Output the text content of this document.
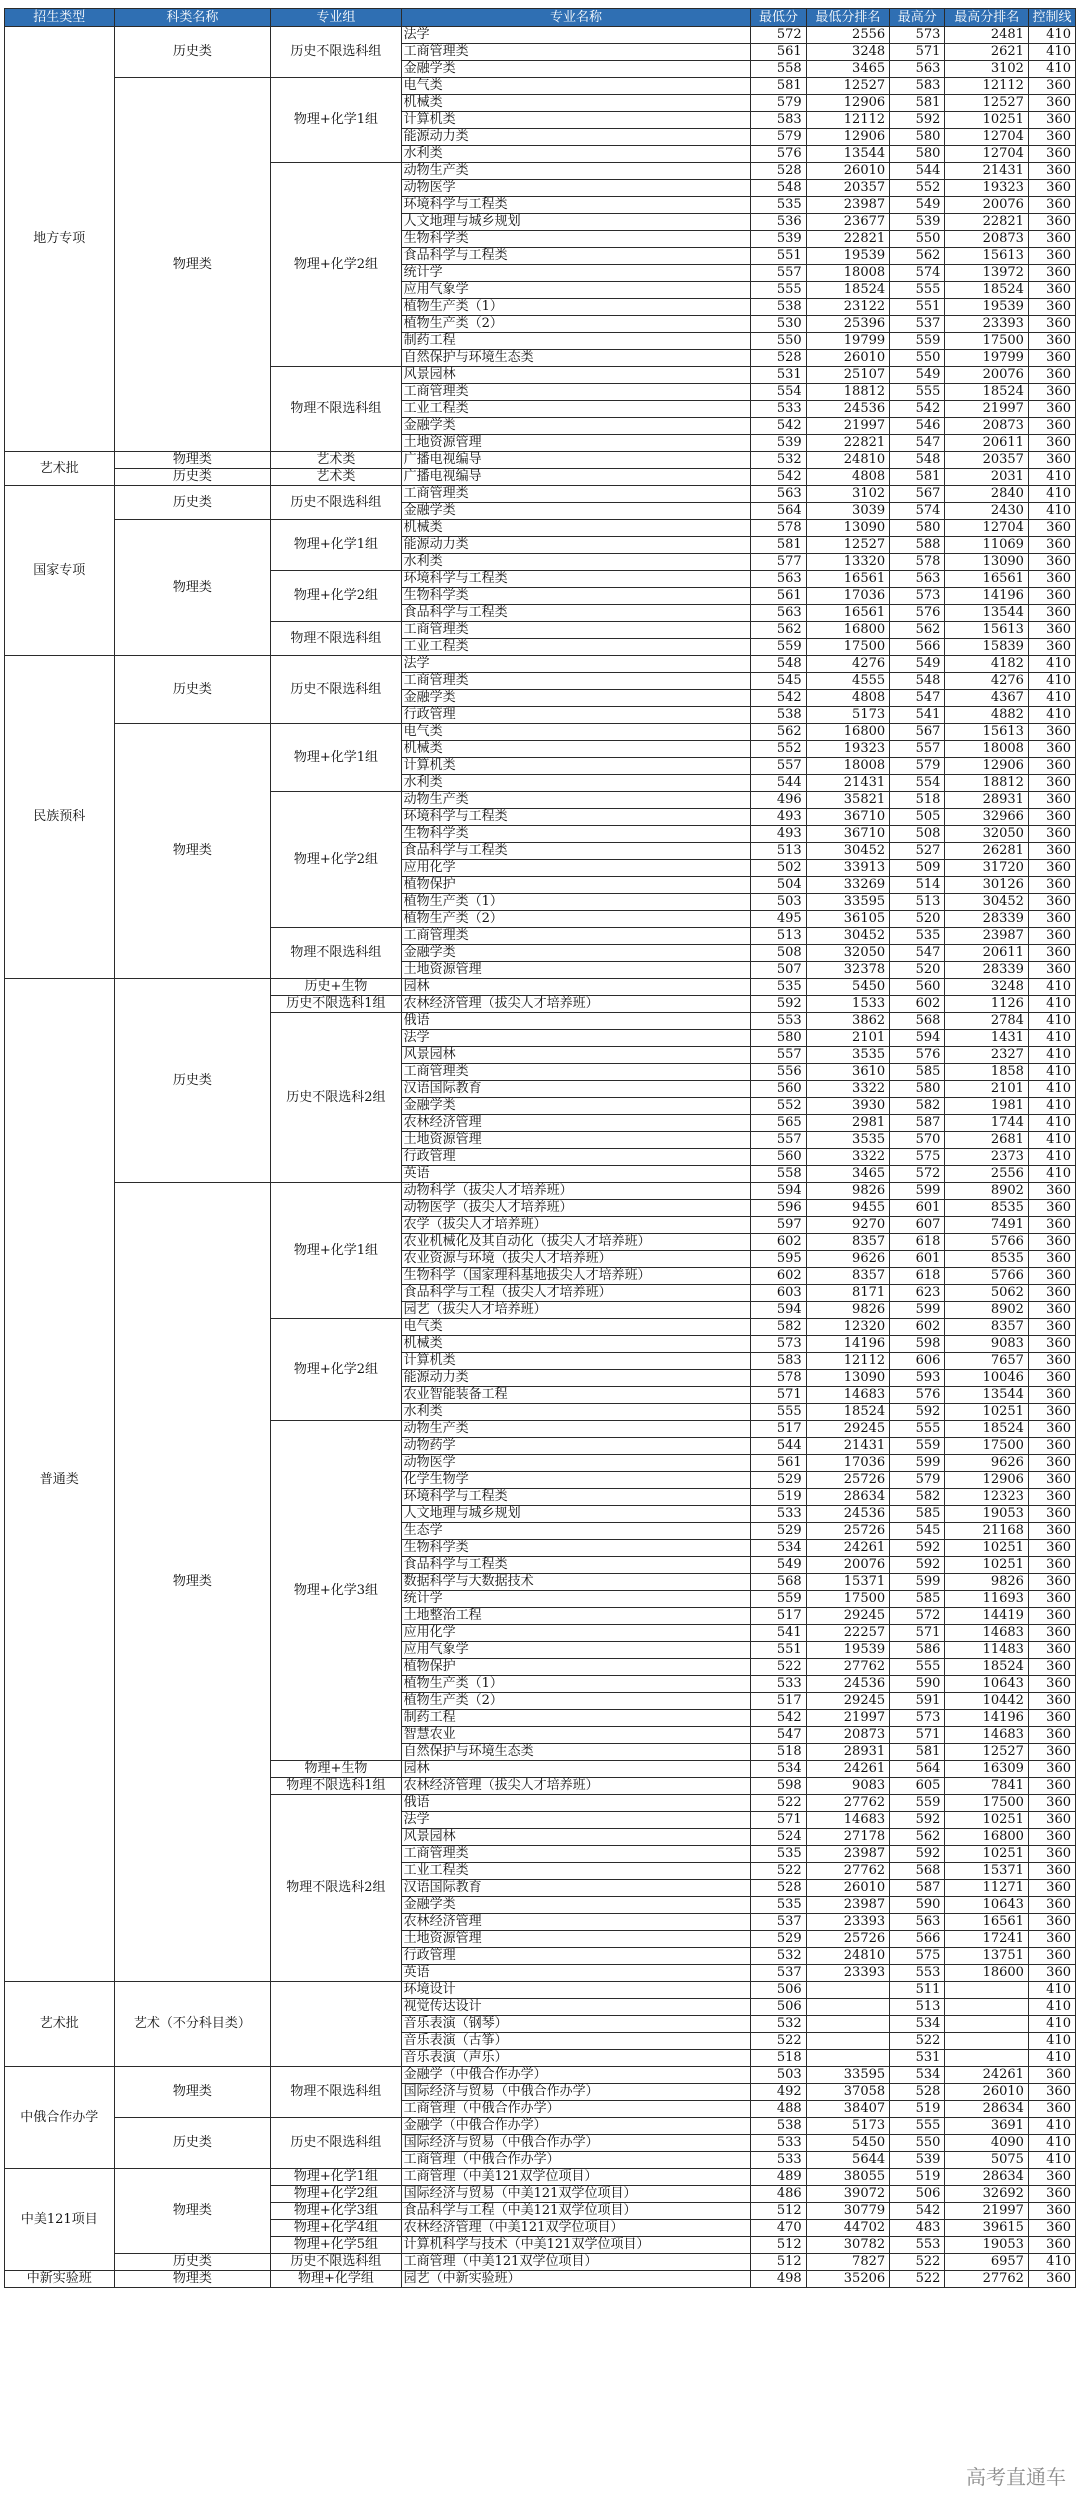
招生类型	科类名称	专业组	专业名称	最低分	最低分排名	最高分	最高分排名	控制线
地方专项	历史类	历史不限选科组	法学	572	2556	573	2481	410
			工商管理类	561	3248	571	2621	410
			金融学类	558	3465	563	3102	410
	物理类	物理+化学1组	电气类	581	12527	583	12112	360
			机械类	579	12906	581	12527	360
			计算机类	583	12112	592	10251	360
			能源动力类	579	12906	580	12704	360
			水利类	576	13544	580	12704	360
		物理+化学2组	动物生产类	528	26010	544	21431	360
			动物医学	548	20357	552	19323	360
			环境科学与工程类	535	23987	549	20076	360
			人文地理与城乡规划	536	23677	539	22821	360
			生物科学类	539	22821	550	20873	360
			食品科学与工程类	551	19539	562	15613	360
			统计学	557	18008	574	13972	360
			应用气象学	555	18524	555	18524	360
			植物生产类（1）	538	23122	551	19539	360
			植物生产类（2）	530	25396	537	23393	360
			制药工程	550	19799	559	17500	360
			自然保护与环境生态类	528	26010	550	19799	360
		物理不限选科组	风景园林	531	25107	549	20076	360
			工商管理类	554	18812	555	18524	360
			工业工程类	533	24536	542	21997	360
			金融学类	542	21997	546	20873	360
			土地资源管理	539	22821	547	20611	360
艺术批	物理类	艺术类	广播电视编导	532	24810	548	20357	360
	历史类	艺术类	广播电视编导	542	4808	581	2031	410
国家专项	历史类	历史不限选科组	工商管理类	563	3102	567	2840	410
			金融学类	564	3039	574	2430	410
	物理类	物理+化学1组	机械类	578	13090	580	12704	360
			能源动力类	581	12527	588	11069	360
			水利类	577	13320	578	13090	360
		物理+化学2组	环境科学与工程类	563	16561	563	16561	360
			生物科学类	561	17036	573	14196	360
			食品科学与工程类	563	16561	576	13544	360
		物理不限选科组	工商管理类	562	16800	562	15613	360
			工业工程类	559	17500	566	15839	360
民族预科	历史类	历史不限选科组	法学	548	4276	549	4182	410
			工商管理类	545	4555	548	4276	410
			金融学类	542	4808	547	4367	410
			行政管理	538	5173	541	4882	410
	物理类	物理+化学1组	电气类	562	16800	567	15613	360
			机械类	552	19323	557	18008	360
			计算机类	557	18008	579	12906	360
			水利类	544	21431	554	18812	360
		物理+化学2组	动物生产类	496	35821	518	28931	360
			环境科学与工程类	493	36710	505	32966	360
			生物科学类	493	36710	508	32050	360
			食品科学与工程类	513	30452	527	26281	360
			应用化学	502	33913	509	31720	360
			植物保护	504	33269	514	30126	360
			植物生产类（1）	503	33595	513	30452	360
			植物生产类（2）	495	36105	520	28339	360
		物理不限选科组	工商管理类	513	30452	535	23987	360
			金融学类	508	32050	547	20611	360
			土地资源管理	507	32378	520	28339	360
普通类	历史类	历史+生物	园林	535	5450	560	3248	410
		历史不限选科1组	农林经济管理（拔尖人才培养班）	592	1533	602	1126	410
		历史不限选科2组	俄语	553	3862	568	2784	410
			法学	580	2101	594	1431	410
			风景园林	557	3535	576	2327	410
			工商管理类	556	3610	585	1858	410
			汉语国际教育	560	3322	580	2101	410
			金融学类	552	3930	582	1981	410
			农林经济管理	565	2981	587	1744	410
			土地资源管理	557	3535	570	2681	410
			行政管理	560	3322	575	2373	410
			英语	558	3465	572	2556	410
	物理类	物理+化学1组	动物科学（拔尖人才培养班）	594	9826	599	8902	360
			动物医学（拔尖人才培养班）	596	9455	601	8535	360
			农学（拔尖人才培养班）	597	9270	607	7491	360
			农业机械化及其自动化（拔尖人才培养班）	602	8357	618	5766	360
			农业资源与环境（拔尖人才培养班）	595	9626	601	8535	360
			生物科学（国家理科基地拔尖人才培养班）	602	8357	618	5766	360
			食品科学与工程（拔尖人才培养班）	603	8171	623	5062	360
			园艺（拔尖人才培养班）	594	9826	599	8902	360
		物理+化学2组	电气类	582	12320	602	8357	360
			机械类	573	14196	598	9083	360
			计算机类	583	12112	606	7657	360
			能源动力类	578	13090	593	10046	360
			农业智能装备工程	571	14683	576	13544	360
			水利类	555	18524	592	10251	360
		物理+化学3组	动物生产类	517	29245	555	18524	360
			动物药学	544	21431	559	17500	360
			动物医学	561	17036	599	9626	360
			化学生物学	529	25726	579	12906	360
			环境科学与工程类	519	28634	582	12323	360
			人文地理与城乡规划	533	24536	585	19053	360
			生态学	529	25726	545	21168	360
			生物科学类	534	24261	592	10251	360
			食品科学与工程类	549	20076	592	10251	360
			数据科学与大数据技术	568	15371	599	9826	360
			统计学	559	17500	585	11693	360
			土地整治工程	517	29245	572	14419	360
			应用化学	541	22257	571	14683	360
			应用气象学	551	19539	586	11483	360
			植物保护	522	27762	555	18524	360
			植物生产类（1）	533	24536	590	10643	360
			植物生产类（2）	517	29245	591	10442	360
			制药工程	542	21997	573	14196	360
			智慧农业	547	20873	571	14683	360
			自然保护与环境生态类	518	28931	581	12527	360
		物理+生物	园林	534	24261	564	16309	360
		物理不限选科1组	农林经济管理（拔尖人才培养班）	598	9083	605	7841	360
		物理不限选科2组	俄语	522	27762	559	17500	360
			法学	571	14683	592	10251	360
			风景园林	524	27178	562	16800	360
			工商管理类	535	23987	592	10251	360
			工业工程类	522	27762	568	15371	360
			汉语国际教育	528	26010	587	11271	360
			金融学类	535	23987	590	10643	360
			农林经济管理	537	23393	563	16561	360
			土地资源管理	529	25726	566	17241	360
			行政管理	532	24810	575	13751	360
			英语	537	23393	553	18600	360
艺术批	艺术（不分科目类）		环境设计	506		511		410
			视觉传达设计	506		513		410
			音乐表演（钢琴）	532		534		410
			音乐表演（古筝）	522		522		410
			音乐表演（声乐）	518		531		410
中俄合作办学	物理类	物理不限选科组	金融学（中俄合作办学）	503	33595	534	24261	360
			国际经济与贸易（中俄合作办学）	492	37058	528	26010	360
			工商管理（中俄合作办学）	488	38407	519	28634	360
	历史类	历史不限选科组	金融学（中俄合作办学）	538	5173	555	3691	410
			国际经济与贸易（中俄合作办学）	533	5450	550	4090	410
			工商管理（中俄合作办学）	533	5644	539	5075	410
中美121项目	物理类	物理+化学1组	工商管理（中美121双学位项目）	489	38055	519	28634	360
		物理+化学2组	国际经济与贸易（中美121双学位项目）	486	39072	506	32692	360
		物理+化学3组	食品科学与工程（中美121双学位项目）	512	30779	542	21997	360
		物理+化学4组	农林经济管理（中美121双学位项目）	470	44702	483	39615	360
		物理+化学5组	计算机科学与技术（中美121双学位项目）	512	30782	553	19053	360
	历史类	历史不限选科组	工商管理（中美121双学位项目）	512	7827	522	6957	410
中新实验班	物理类	物理+化学组	园艺（中新实验班）	498	35206	522	27762	360
高考直通车
